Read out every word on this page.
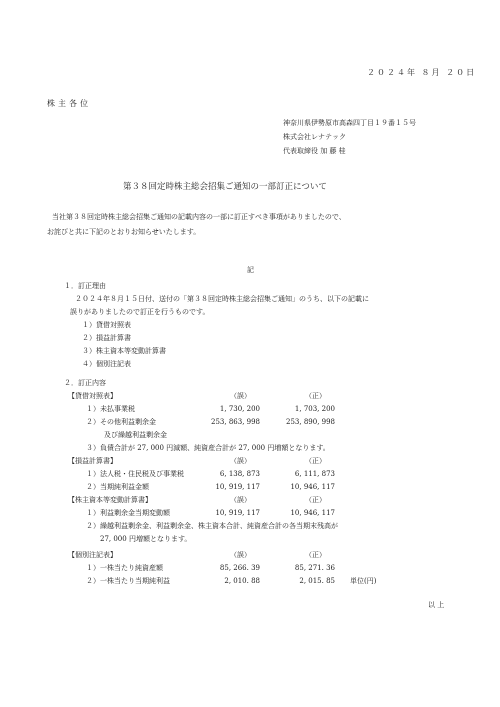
２０２４年 ８月 ２０日
株主各位
神奈川県伊勢原市高森四丁目１９番１５号
株式会社レナテック
代表取締役 加 藤 桂
第３８回定時株主総会招集ご通知の一部訂正について
当社第３８回定時株主総会招集ご通知の記載内容の一部に訂正すべき事項がありましたので、
お詫びと共に下記のとおりお知らせいたします。
記
１．訂正理由
２０２４年８月１５日付、送付の「第３８回定時株主総会招集ご通知」のうち、以下の記載に
誤りがありましたので訂正を行うものです。
１）貸借対照表
２）損益計算書
３）株主資本等変動計算書
４）個別注記表
２．訂正内容
【貸借対照表】	（誤）	（正）
１）未払事業税	1, 730, 200	1, 703, 200
２）その他利益剰余金	253, 863, 998	253, 890, 998
及び繰越利益剰余金
３）負債合計が 27, 000 円減額、純資産合計が 27, 000 円増額となります。
【損益計算書】	（誤）	（正）
１）法人税・住民税及び事業税	6, 138, 873	6, 111, 873
２）当期純利益金額	10, 919, 117	10, 946, 117
【株主資本等変動計算書】	（誤）	（正）
１）利益剰余金当期変動額	10, 919, 117	10, 946, 117
２）繰越利益剰余金、利益剰余金、株主資本合計、純資産合計の各当期末残高が
27, 000 円増額となります。
【個別注記表】	（誤）	（正）
１）一株当たり純資産額	85, 266. 39	85, 271. 36
２）一株当たり当期純利益	2, 010. 88	2, 015. 85 単位(円)
以 上
